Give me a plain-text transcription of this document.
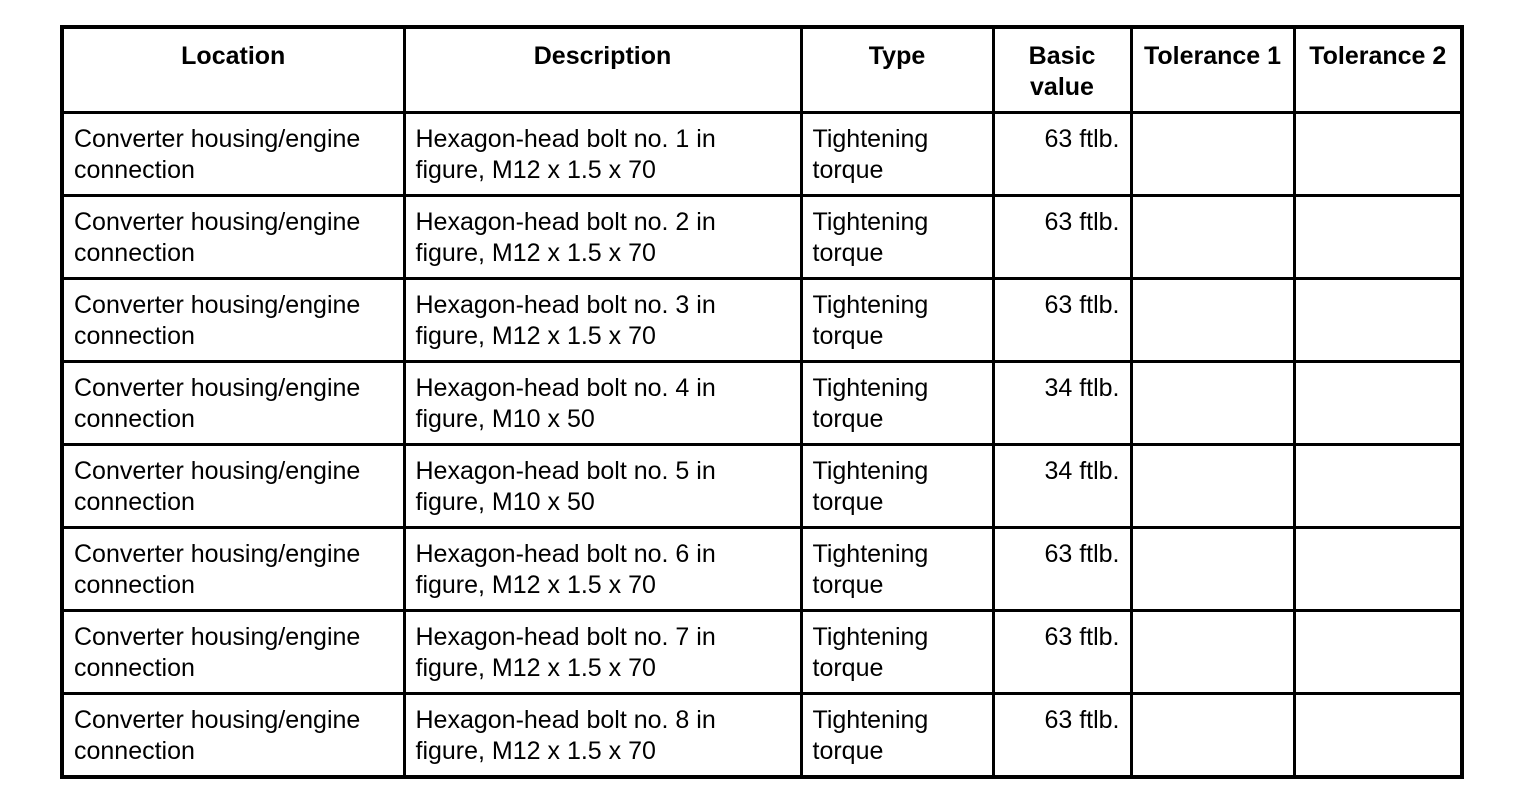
Location	Description	Type	Basic value	Tolerance 1	Tolerance 2
Converter housing/engine connection	Hexagon-head bolt no. 1 in figure, M12 x 1.5 x 70	Tightening torque	63 ftlb.		
Converter housing/engine connection	Hexagon-head bolt no. 2 in figure, M12 x 1.5 x 70	Tightening torque	63 ftlb.		
Converter housing/engine connection	Hexagon-head bolt no. 3 in figure, M12 x 1.5 x 70	Tightening torque	63 ftlb.		
Converter housing/engine connection	Hexagon-head bolt no. 4 in figure, M10 x 50	Tightening torque	34 ftlb.		
Converter housing/engine connection	Hexagon-head bolt no. 5 in figure, M10 x 50	Tightening torque	34 ftlb.		
Converter housing/engine connection	Hexagon-head bolt no. 6 in figure, M12 x 1.5 x 70	Tightening torque	63 ftlb.		
Converter housing/engine connection	Hexagon-head bolt no. 7 in figure, M12 x 1.5 x 70	Tightening torque	63 ftlb.		
Converter housing/engine connection	Hexagon-head bolt no. 8 in figure, M12 x 1.5 x 70	Tightening torque	63 ftlb.		
